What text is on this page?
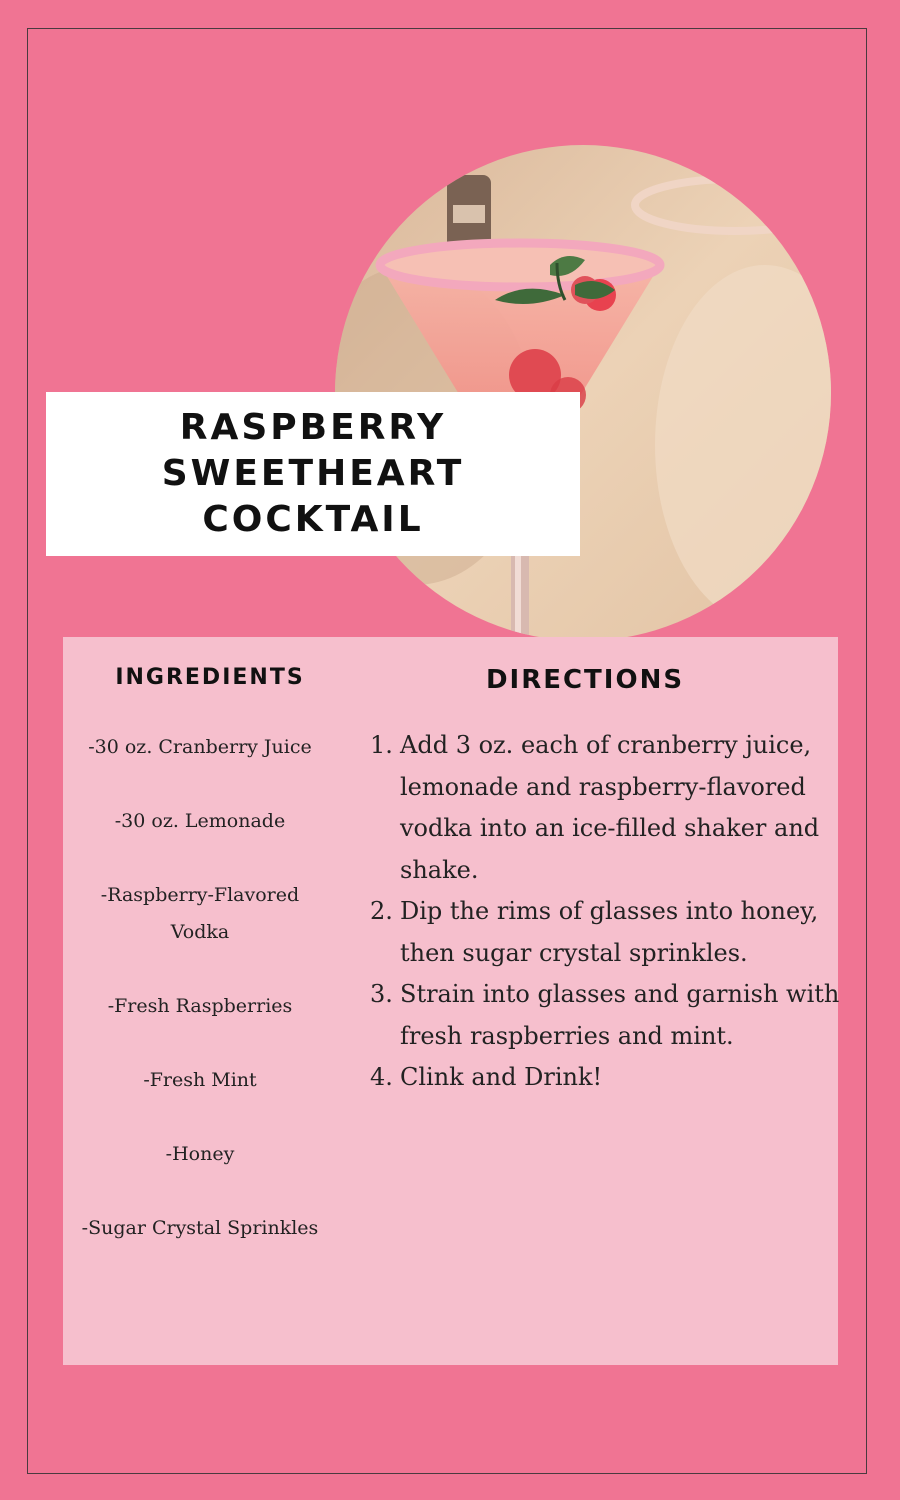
RASPBERRY
SWEETHEART
COCKTAIL
INGREDIENTS
-30 oz. Cranberry Juice
-30 oz. Lemonade
-Raspberry-Flavored Vodka
-Fresh Raspberries
-Fresh Mint
-Honey
-Sugar Crystal Sprinkles
DIRECTIONS
Add 3 oz. each of cranberry juice, lemonade and raspberry-flavored vodka into an ice-filled shaker and shake.
Dip the rims of glasses into honey, then sugar crystal sprinkles.
Strain into glasses and garnish with fresh raspberries and mint.
Clink and Drink!
